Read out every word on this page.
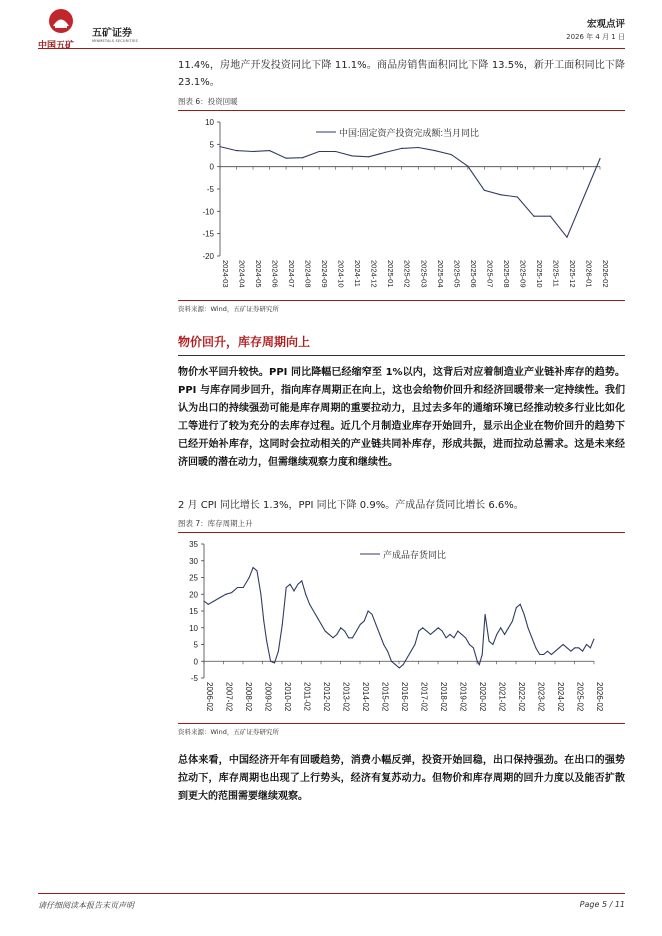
中国五矿
五矿证券
MINMETALS SECURITIES
宏观点评
2026 年 4 月 1 日

11.4%，房地产开发投资同比下降 11.1%。商品房销售面积同比下降 13.5%，新开工面积同比下降 23.1%。

图表 6：投资回暖
10
5
0
-5
-10
-15
-20
2024-03 2024-04 2024-05 2024-06 2024-07 2024-08 2024-09 2024-10 2024-11 2024-12 2025-01 2025-02 2025-03 2025-04 2025-05 2025-06 2025-07 2025-08 2025-09 2025-10 2025-11 2025-12 2026-01 2026-02
中国:固定资产投资完成额:当月同比
资料来源：Wind，五矿证券研究所
物价回升，库存周期向上

物价水平回升较快。PPI 同比降幅已经缩窄至 1%以内，这背后对应着制造业产业链补库存的趋势。PPI 与库存同步回升，指向库存周期正在向上，这也会给物价回升和经济回暖带来一定持续性。我们认为出口的持续强劲可能是库存周期的重要拉动力，且过去多年的通缩环境已经推动较多行业比如化工等进行了较为充分的去库存过程。近几个月制造业库存开始回升，显示出企业在物价回升的趋势下已经开始补库存，这同时会拉动相关的产业链共同补库存，形成共振，进而拉动总需求。这是未来经济回暖的潜在动力，但需继续观察力度和继续性。

2 月 CPI 同比增长 1.3%，PPI 同比下降 0.9%。产成品存货同比增长 6.6%。

图表 7：库存周期上升
35
30
25
20
15
10
5
0
-5
2006-02 2007-02 2008-02 2009-02 2010-02 2011-02 2012-02 2013-02 2014-02 2015-02 2016-02 2017-02 2018-02 2019-02 2020-02 2021-02 2022-02 2023-02 2024-02 2025-02 2026-02
产成品存货同比
资料来源：Wind，五矿证券研究所

总体来看，中国经济开年有回暖趋势，消费小幅反弹，投资开始回稳，出口保持强劲。在出口的强势拉动下，库存周期也出现了上行势头，经济有复苏动力。但物价和库存周期的回升力度以及能否扩散到更大的范围需要继续观察。

请仔细阅读本报告末页声明	Page 5 / 11
